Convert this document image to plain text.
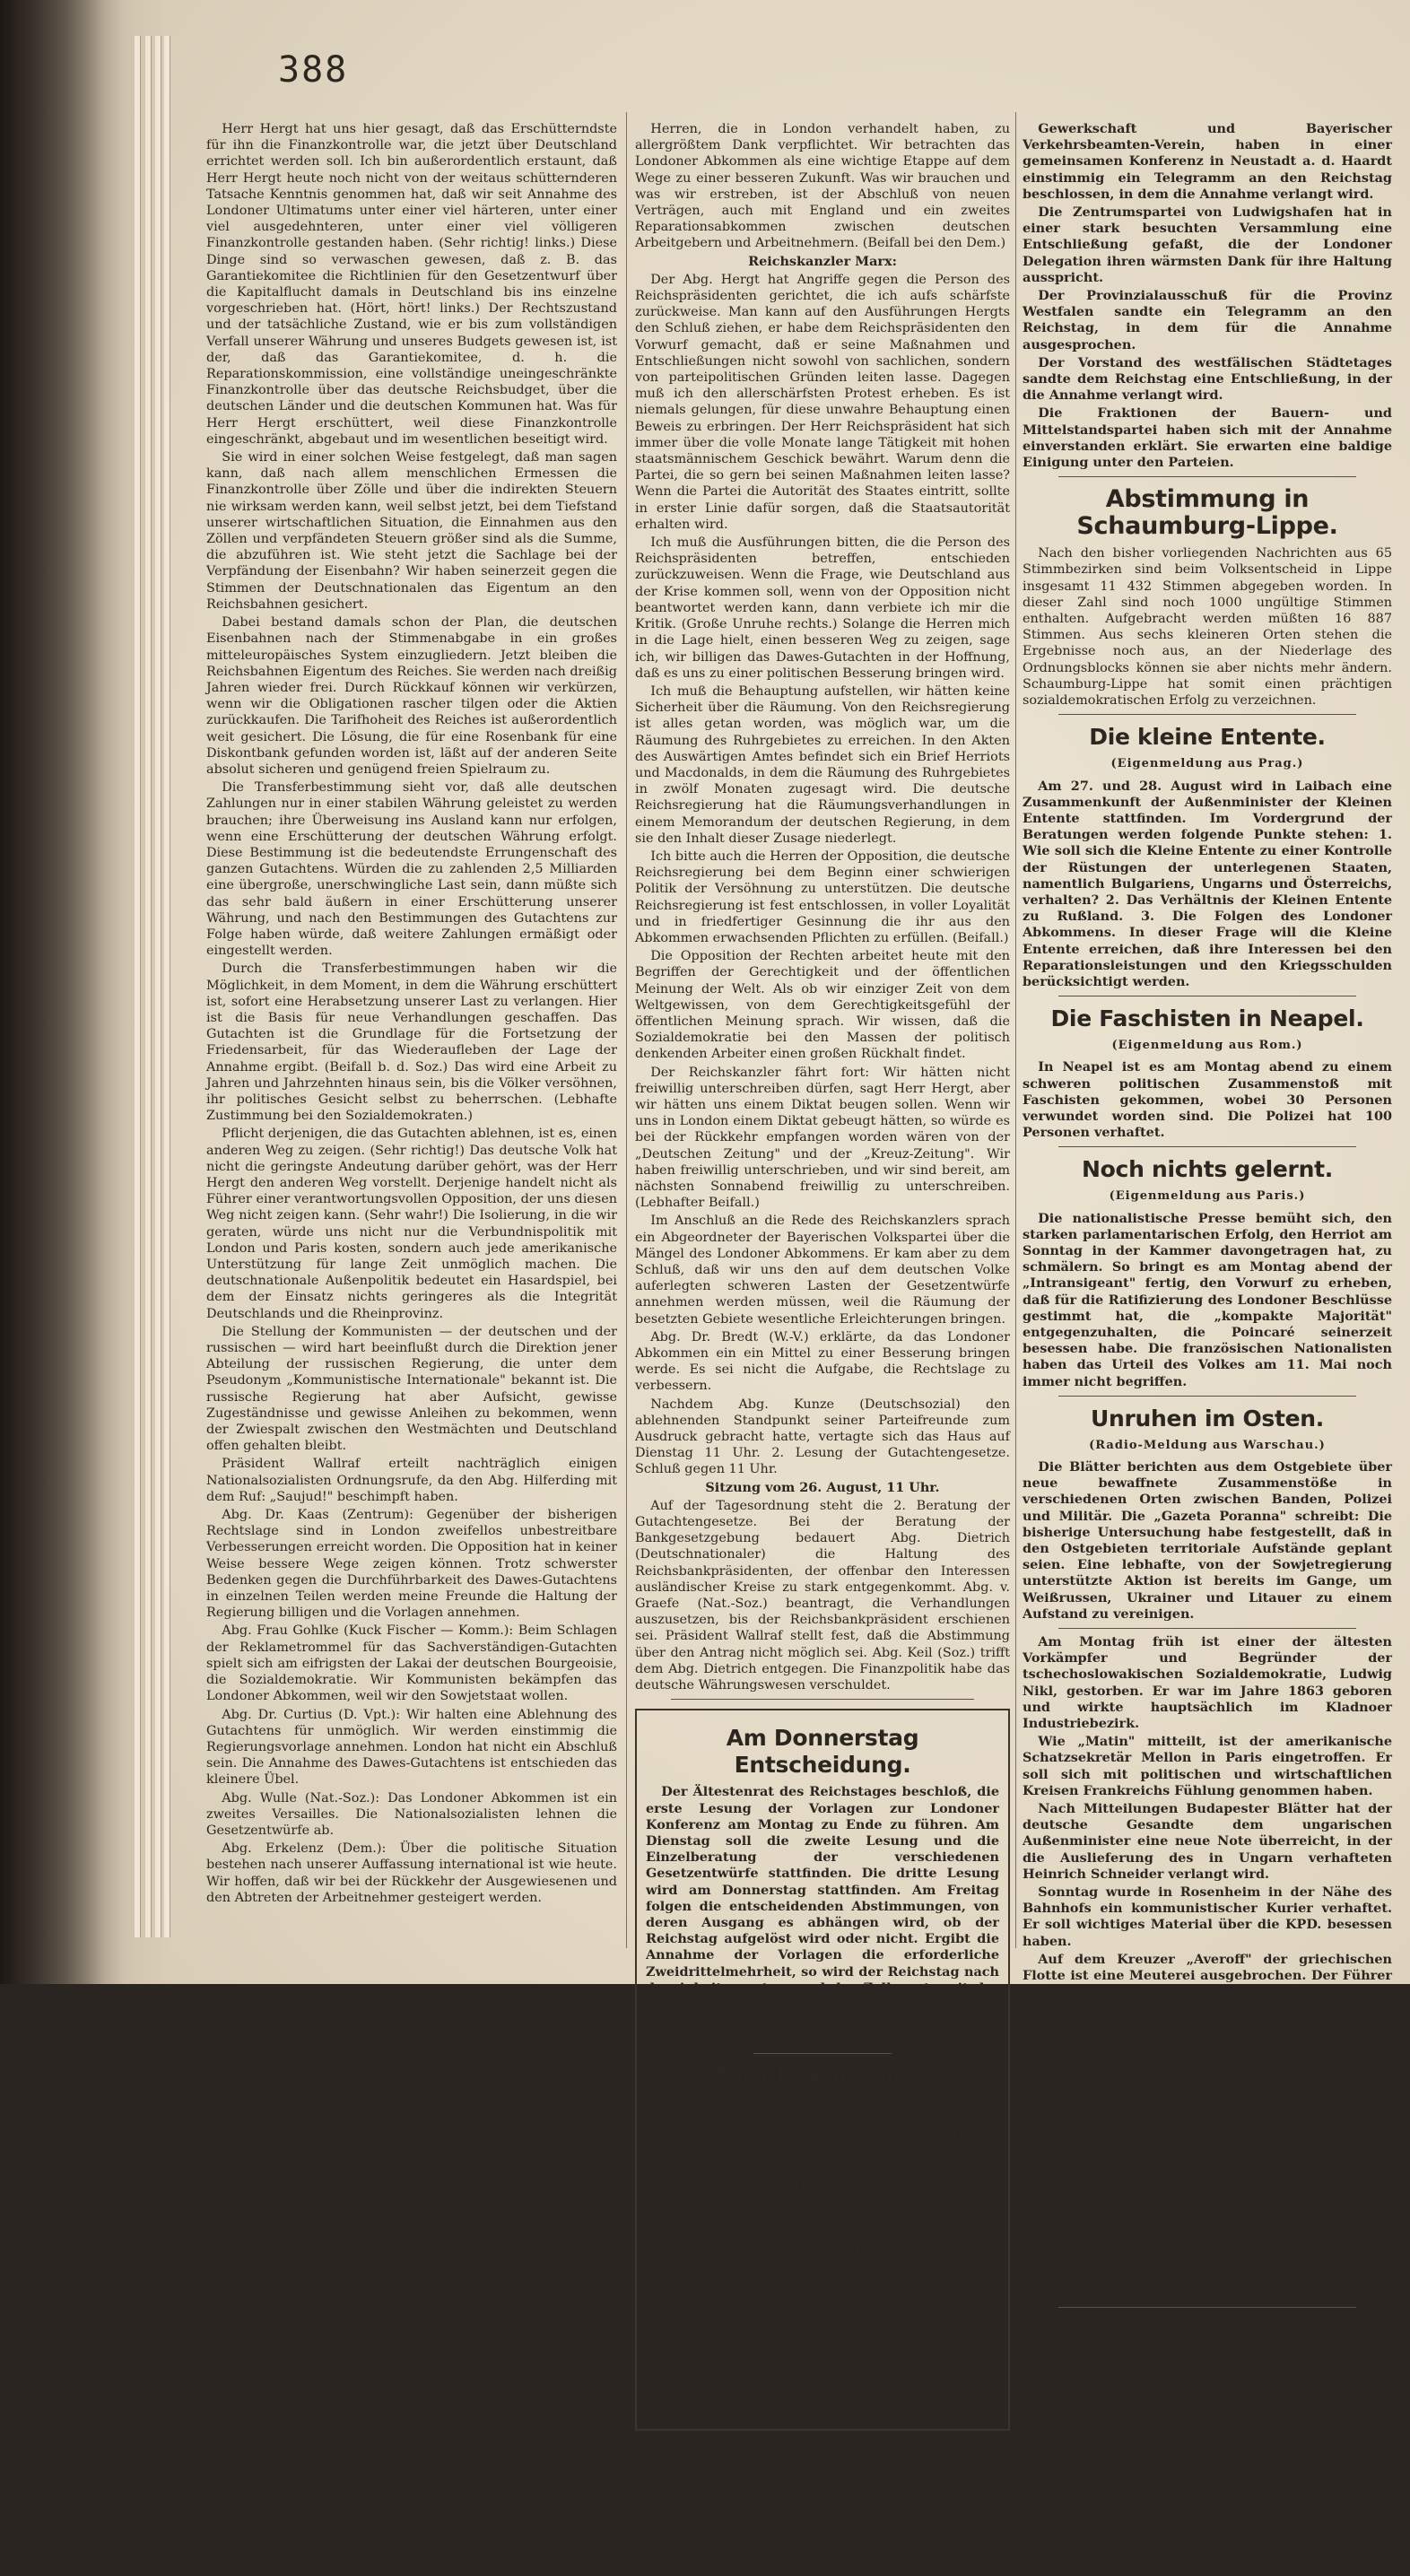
388

Herr Hergt hat uns hier gesagt, daß das Erschütterndste für ihn die Finanzkontrolle war, die jetzt über Deutschland errichtet werden soll. Ich bin außerordentlich erstaunt, daß Herr Hergt heute noch nicht von der weitaus schütternderen Tatsache Kenntnis genommen hat, daß wir seit Annahme des Londoner Ultimatums unter einer viel härteren, unter einer viel ausgedehnteren, unter einer viel völligeren Finanzkontrolle gestanden haben. (Sehr richtig! links.) Diese Dinge sind so verwaschen gewesen, daß z. B. das Garantiekomitee die Richtlinien für den Gesetzentwurf über die Kapitalflucht damals in Deutschland bis ins einzelne vorgeschrieben hat. (Hört, hört! links.) Der Rechtszustand und der tatsächliche Zustand, wie er bis zum vollständigen Verfall unserer Währung und unseres Budgets gewesen ist, ist der, daß das Garantiekomitee, d. h. die Reparationskommission, eine vollständige uneingeschränkte Finanzkontrolle über das deutsche Reichsbudget, über die deutschen Länder und die deutschen Kommunen hat. Was für Herr Hergt erschüttert, weil diese Finanzkontrolle eingeschränkt, abgebaut und im wesentlichen beseitigt wird.

Sie wird in einer solchen Weise festgelegt, daß man sagen kann, daß nach allem menschlichen Ermessen die Finanzkontrolle über Zölle und über die indirekten Steuern nie wirksam werden kann, weil selbst jetzt, bei dem Tiefstand unserer wirtschaftlichen Situation, die Einnahmen aus den Zöllen und verpfändeten Steuern größer sind als die Summe, die abzuführen ist. Wie steht jetzt die Sachlage bei der Verpfändung der Eisenbahn? Wir haben seinerzeit gegen die Stimmen der Deutschnationalen das Eigentum an den Reichsbahnen gesichert.

Dabei bestand damals schon der Plan, die deutschen Eisenbahnen nach der Stimmenabgabe in ein großes mitteleuropäisches System einzugliedern. Jetzt bleiben die Reichsbahnen Eigentum des Reiches. Sie werden nach dreißig Jahren wieder frei. Durch Rückkauf können wir verkürzen, wenn wir die Obligationen rascher tilgen oder die Aktien zurückkaufen. Die Tarifhoheit des Reiches ist außerordentlich weit gesichert. Die Lösung, die für eine Rosenbank für eine Diskontbank gefunden worden ist, läßt auf der anderen Seite absolut sicheren und genügend freien Spielraum zu.

Die Transferbestimmung sieht vor, daß alle deutschen Zahlungen nur in einer stabilen Währung geleistet zu werden brauchen; ihre Überweisung ins Ausland kann nur erfolgen, wenn eine Erschütterung der deutschen Währung erfolgt. Diese Bestimmung ist die bedeutendste Errungenschaft des ganzen Gutachtens. Würden die zu zahlenden 2,5 Milliarden eine übergroße, unerschwingliche Last sein, dann müßte sich das sehr bald äußern in einer Erschütterung unserer Währung, und nach den Bestimmungen des Gutachtens zur Folge haben würde, daß weitere Zahlungen ermäßigt oder eingestellt werden.

Durch die Transferbestimmungen haben wir die Möglichkeit, in dem Moment, in dem die Währung erschüttert ist, sofort eine Herabsetzung unserer Last zu verlangen. Hier ist die Basis für neue Verhandlungen geschaffen. Das Gutachten ist die Grundlage für die Fortsetzung der Friedensarbeit, für das Wiederaufleben der Lage der Annahme ergibt. (Beifall b. d. Soz.) Das wird eine Arbeit zu Jahren und Jahrzehnten hinaus sein, bis die Völker versöhnen, ihr politisches Gesicht selbst zu beherrschen. (Lebhafte Zustimmung bei den Sozialdemokraten.)

Pflicht derjenigen, die das Gutachten ablehnen, ist es, einen anderen Weg zu zeigen. (Sehr richtig!) Das deutsche Volk hat nicht die geringste Andeutung darüber gehört, was der Herr Hergt den anderen Weg vorstellt. Derjenige handelt nicht als Führer einer verantwortungsvollen Opposition, der uns diesen Weg nicht zeigen kann. (Sehr wahr!) Die Isolierung, in die wir geraten, würde uns nicht nur die Verbundnispolitik mit London und Paris kosten, sondern auch jede amerikanische Unterstützung für lange Zeit unmöglich machen. Die deutschnationale Außenpolitik bedeutet ein Hasardspiel, bei dem der Einsatz nichts geringeres als die Integrität Deutschlands und die Rheinprovinz.

Die Stellung der Kommunisten — der deutschen und der russischen — wird hart beeinflußt durch die Direktion jener Abteilung der russischen Regierung, die unter dem Pseudonym „Kommunistische Internationale" bekannt ist. Die russische Regierung hat aber Aufsicht, gewisse Zugeständnisse und gewisse Anleihen zu bekommen, wenn der Zwiespalt zwischen den Westmächten und Deutschland offen gehalten bleibt.

Präsident Wallraf erteilt nachträglich einigen Nationalsozialisten Ordnungsrufe, da den Abg. Hilferding mit dem Ruf: „Saujud!" beschimpft haben.

Abg. Dr. Kaas (Zentrum): Gegenüber der bisherigen Rechtslage sind in London zweifellos unbestreitbare Verbesserungen erreicht worden. Die Opposition hat in keiner Weise bessere Wege zeigen können. Trotz schwerster Bedenken gegen die Durchführbarkeit des Dawes-Gutachtens in einzelnen Teilen werden meine Freunde die Haltung der Regierung billigen und die Vorlagen annehmen.

Abg. Frau Gohlke (Kuck Fischer — Komm.): Beim Schlagen der Reklametrommel für das Sachverständigen-Gutachten spielt sich am eifrigsten der Lakai der deutschen Bourgeoisie, die Sozialdemokratie. Wir Kommunisten bekämpfen das Londoner Abkommen, weil wir den Sowjetstaat wollen.

Abg. Dr. Curtius (D. Vpt.): Wir halten eine Ablehnung des Gutachtens für unmöglich. Wir werden einstimmig die Regierungsvorlage annehmen. London hat nicht ein Abschluß sein. Die Annahme des Dawes-Gutachtens ist entschieden das kleinere Übel.

Abg. Wulle (Nat.-Soz.): Das Londoner Abkommen ist ein zweites Versailles. Die Nationalsozialisten lehnen die Gesetzentwürfe ab.

Abg. Erkelenz (Dem.): Über die politische Situation bestehen nach unserer Auffassung international ist wie heute. Wir hoffen, daß wir bei der Rückkehr der Ausgewiesenen und den Abtreten der Arbeitnehmer gesteigert werden.

Herren, die in London verhandelt haben, zu allergrößtem Dank verpflichtet. Wir betrachten das Londoner Abkommen als eine wichtige Etappe auf dem Wege zu einer besseren Zukunft. Was wir brauchen und was wir erstreben, ist der Abschluß von neuen Verträgen, auch mit England und ein zweites Reparationsabkommen zwischen deutschen Arbeitgebern und Arbeitnehmern. (Beifall bei den Dem.)

Reichskanzler Marx:

Der Abg. Hergt hat Angriffe gegen die Person des Reichspräsidenten gerichtet, die ich aufs schärfste zurückweise. Man kann auf den Ausführungen Hergts den Schluß ziehen, er habe dem Reichspräsidenten den Vorwurf gemacht, daß er seine Maßnahmen und Entschließungen nicht sowohl von sachlichen, sondern von parteipolitischen Gründen leiten lasse. Dagegen muß ich den allerschärfsten Protest erheben. Es ist niemals gelungen, für diese unwahre Behauptung einen Beweis zu erbringen. Der Herr Reichspräsident hat sich immer über die volle Monate lange Tätigkeit mit hohen staatsmännischem Geschick bewährt. Warum denn die Partei, die so gern bei seinen Maßnahmen leiten lasse? Wenn die Partei die Autorität des Staates eintritt, sollte in erster Linie dafür sorgen, daß die Staatsautorität erhalten wird.

Ich muß die Ausführungen bitten, die die Person des Reichspräsidenten betreffen, entschieden zurückzuweisen. Wenn die Frage, wie Deutschland aus der Krise kommen soll, wenn von der Opposition nicht beantwortet werden kann, dann verbiete ich mir die Kritik. (Große Unruhe rechts.) Solange die Herren mich in die Lage hielt, einen besseren Weg zu zeigen, sage ich, wir billigen das Dawes-Gutachten in der Hoffnung, daß es uns zu einer politischen Besserung bringen wird.

Ich muß die Behauptung aufstellen, wir hätten keine Sicherheit über die Räumung. Von den Reichsregierung ist alles getan worden, was möglich war, um die Räumung des Ruhrgebietes zu erreichen. In den Akten des Auswärtigen Amtes befindet sich ein Brief Herriots und Macdonalds, in dem die Räumung des Ruhrgebietes in zwölf Monaten zugesagt wird. Die deutsche Reichsregierung hat die Räumungsverhandlungen in einem Memorandum der deutschen Regierung, in dem sie den Inhalt dieser Zusage niederlegt.

Ich bitte auch die Herren der Opposition, die deutsche Reichsregierung bei dem Beginn einer schwierigen Politik der Versöhnung zu unterstützen. Die deutsche Reichsregierung ist fest entschlossen, in voller Loyalität und in friedfertiger Gesinnung die ihr aus den Abkommen erwachsenden Pflichten zu erfüllen. (Beifall.)

Die Opposition der Rechten arbeitet heute mit den Begriffen der Gerechtigkeit und der öffentlichen Meinung der Welt. Als ob wir einziger Zeit von dem Weltgewissen, von dem Gerechtigkeitsgefühl der öffentlichen Meinung sprach. Wir wissen, daß die Sozialdemokratie bei den Massen der politisch denkenden Arbeiter einen großen Rückhalt findet.

Der Reichskanzler fährt fort: Wir hätten nicht freiwillig unterschreiben dürfen, sagt Herr Hergt, aber wir hätten uns einem Diktat beugen sollen. Wenn wir uns in London einem Diktat gebeugt hätten, so würde es bei der Rückkehr empfangen worden wären von der „Deutschen Zeitung" und der „Kreuz-Zeitung". Wir haben freiwillig unterschrieben, und wir sind bereit, am nächsten Sonnabend freiwillig zu unterschreiben. (Lebhafter Beifall.)

Im Anschluß an die Rede des Reichskanzlers sprach ein Abgeordneter der Bayerischen Volkspartei über die Mängel des Londoner Abkommens. Er kam aber zu dem Schluß, daß wir uns den auf dem deutschen Volke auferlegten schweren Lasten der Gesetzentwürfe annehmen werden müssen, weil die Räumung der besetzten Gebiete wesentliche Erleichterungen bringen.

Abg. Dr. Bredt (W.-V.) erklärte, da das Londoner Abkommen ein ein Mittel zu einer Besserung bringen werde. Es sei nicht die Aufgabe, die Rechtslage zu verbessern.

Nachdem Abg. Kunze (Deutschsozial) den ablehnenden Standpunkt seiner Parteifreunde zum Ausdruck gebracht hatte, vertagte sich das Haus auf Dienstag 11 Uhr. 2. Lesung der Gutachtengesetze. Schluß gegen 11 Uhr.

Sitzung vom 26. August, 11 Uhr.

Auf der Tagesordnung steht die 2. Beratung der Gutachtengesetze. Bei der Beratung der Bankgesetzgebung bedauert Abg. Dietrich (Deutschnationaler) die Haltung des Reichsbankpräsidenten, der offenbar den Interessen ausländischer Kreise zu stark entgegenkommt. Abg. v. Graefe (Nat.-Soz.) beantragt, die Verhandlungen auszusetzen, bis der Reichsbankpräsident erschienen sei. Präsident Wallraf stellt fest, daß die Abstimmung über den Antrag nicht möglich sei. Abg. Keil (Soz.) trifft dem Abg. Dietrich entgegen. Die Finanzpolitik habe das deutsche Währungswesen verschuldet.

Am Donnerstag Entscheidung.

Der Ältestenrat des Reichstages beschloß, die erste Lesung der Vorlagen zur Londoner Konferenz am Montag zu Ende zu führen. Am Dienstag soll die zweite Lesung und die Einzelberatung der verschiedenen Gesetzentwürfe stattfinden. Die dritte Lesung wird am Donnerstag stattfinden. Am Freitag folgen die entscheidenden Abstimmungen, von deren Ausgang es abhängen wird, ob der Reichstag aufgelöst wird oder nicht. Ergibt die Annahme der Vorlagen die erforderliche Zweidrittelmehrheit, so wird der Reichstag nach das Arbeitsgesetzes und das Zollgesetz mit der umfassenden verabschieden, verabschließen allerdings nur in erster Lesung, nach Angriff nehmen.

Für die Annahme.

Die Betriebsräte und die freigewerkschaftlichen Funktionäre des Wirtschaftsbezirks Mainz haben einstimmig eine Entschließung angenommen, in der die schleunige Annahme der Gesetze zu den Londoner Abmachungen im Interesse der Erwerbslosen und der Kurzarbeiter im besetzten Gebiet und im ganzen Reich gefordert wird. Der Kreisvorstand der Sozialdemokratischen Partei von Bochum und Gelsenkirchen richtete ein Telegramm an den Reichstag: „Die Sozialdemokratie fordert, daß die Parteien des Reichstages das Londoner Abkommen annehmen." Das Organ des „Verbandes der Bergarbeiter Deutschlands", die „Bergarbeiter-Zeitung", spricht sich ebenfalls für die Annahme des Abkommens aus. Die vier Eisenbahnerorganisationen der Pfalz, Deutscher Eisenbahner-Verband, Bayerischer Eisenbahner-Verband, fordern die Annahme der Vorlagen.

Gewerkschaft und Bayerischer Verkehrsbeamten-Verein, haben in einer gemeinsamen Konferenz in Neustadt a. d. Haardt einstimmig ein Telegramm an den Reichstag beschlossen, in dem die Annahme verlangt wird.

Die Zentrumspartei von Ludwigshafen hat in einer stark besuchten Versammlung eine Entschließung gefaßt, die der Londoner Delegation ihren wärmsten Dank für ihre Haltung ausspricht.

Der Provinzialausschuß für die Provinz Westfalen sandte ein Telegramm an den Reichstag, in dem für die Annahme ausgesprochen.

Der Vorstand des westfälischen Städtetages sandte dem Reichstag eine Entschließung, in der die Annahme verlangt wird.

Die Fraktionen der Bauern- und Mittelstandspartei haben sich mit der Annahme einverstanden erklärt. Sie erwarten eine baldige Einigung unter den Parteien.

Abstimmung in Schaumburg-Lippe.

Nach den bisher vorliegenden Nachrichten aus 65 Stimmbezirken sind beim Volksentscheid in Lippe insgesamt 11 432 Stimmen abgegeben worden. In dieser Zahl sind noch 1000 ungültige Stimmen enthalten. Aufgebracht werden müßten 16 887 Stimmen. Aus sechs kleineren Orten stehen die Ergebnisse noch aus, an der Niederlage des Ordnungsblocks können sie aber nichts mehr ändern. Schaumburg-Lippe hat somit einen prächtigen sozialdemokratischen Erfolg zu verzeichnen.

Die kleine Entente.
(Eigenmeldung aus Prag.)

Am 27. und 28. August wird in Laibach eine Zusammenkunft der Außenminister der Kleinen Entente stattfinden. Im Vordergrund der Beratungen werden folgende Punkte stehen: 1. Wie soll sich die Kleine Entente zu einer Kontrolle der Rüstungen der unterlegenen Staaten, namentlich Bulgariens, Ungarns und Österreichs, verhalten? 2. Das Verhältnis der Kleinen Entente zu Rußland. 3. Die Folgen des Londoner Abkommens. In dieser Frage will die Kleine Entente erreichen, daß ihre Interessen bei den Reparationsleistungen und den Kriegsschulden berücksichtigt werden.

Die Faschisten in Neapel.
(Eigenmeldung aus Rom.)

In Neapel ist es am Montag abend zu einem schweren politischen Zusammenstoß mit Faschisten gekommen, wobei 30 Personen verwundet worden sind. Die Polizei hat 100 Personen verhaftet.

Noch nichts gelernt.
(Eigenmeldung aus Paris.)

Die nationalistische Presse bemüht sich, den starken parlamentarischen Erfolg, den Herriot am Sonntag in der Kammer davongetragen hat, zu schmälern. So bringt es am Montag abend der „Intransigeant" fertig, den Vorwurf zu erheben, daß für die Ratifizierung des Londoner Beschlüsse gestimmt hat, die „kompakte Majorität" entgegenzuhalten, die Poincaré seinerzeit besessen habe. Die französischen Nationalisten haben das Urteil des Volkes am 11. Mai noch immer nicht begriffen.

Unruhen im Osten.
(Radio-Meldung aus Warschau.)

Die Blätter berichten aus dem Ostgebiete über neue bewaffnete Zusammenstöße in verschiedenen Orten zwischen Banden, Polizei und Militär. Die „Gazeta Poranna" schreibt: Die bisherige Untersuchung habe festgestellt, daß in den Ostgebieten territoriale Aufstände geplant seien. Eine lebhafte, von der Sowjetregierung unterstützte Aktion ist bereits im Gange, um Weißrussen, Ukrainer und Litauer zu einem Aufstand zu vereinigen.

Am Montag früh ist einer der ältesten Vorkämpfer und Begründer der tschechoslowakischen Sozialdemokratie, Ludwig Nikl, gestorben. Er war im Jahre 1863 geboren und wirkte hauptsächlich im Kladnoer Industriebezirk.

Wie „Matin" mitteilt, ist der amerikanische Schatzsekretär Mellon in Paris eingetroffen. Er soll sich mit politischen und wirtschaftlichen Kreisen Frankreichs Fühlung genommen haben.

Nach Mitteilungen Budapester Blätter hat der deutsche Gesandte dem ungarischen Außenminister eine neue Note überreicht, in der die Auslieferung des in Ungarn verhafteten Heinrich Schneider verlangt wird.

Sonntag wurde in Rosenheim in der Nähe des Bahnhofs ein kommunistischer Kurier verhaftet. Er soll wichtiges Material über die KPD. besessen haben.

Auf dem Kreuzer „Averoff" der griechischen Flotte ist eine Meuterei ausgebrochen. Der Führer dieser Bewegung ist der Kapitän Kollatsis, der gegen die Regierung einen Putsch geplant hat.

Eine neuere Meldung besagt: Nachdem der Kommandant des Schlachtschiffes „Averoff", Kapitän Kollatsis, sich für die Regierung erklärt hat, ist die Meuterei beigelegt worden.

In Narbonne, einem der Zentren des französischen Weinbaues, sind die Winzer in den Streik getreten, um den Abschluß eines Arbeitsvertrages zu erzwingen.

„Messaggero" berichtet, daß an der Südküste von Grönland mit seinem Geschwader vom Kreuzer „Richmond" ausgelaufen sein Flieger Locatelli gegen 3 Tage und Nächte auf den Wellen getrieben. Das Flugzeug ist vollständig zerstört.

Beim vorgestrigen Wettlauf über 100 Meter im Charlottenburger Stadion siegte der bekannte Sprinter Houben-Krefeld in 10,6 Sekunden gegen Carr-Australien und Porritt-Neuseeland.

Flugzeug abgestürzt.

Aus Wittenberg wird gemeldet: Das Flugzeug „D 149" der Aero-Lloyd-Aktien-Gesellschaft ist gestern nachmittag auf der Fahrt von Berlin nach Halle in der Nähe von Wittenberg abgestürzt. Der Führer des Flugzeuges wurde schwer verletzt in das Wittenberger Krankenhaus gebracht; die Passagiere kamen mit leichten Verletzungen davon.

Drei Personen durch eine Windhose getötet.

Aus Neuyork wird gemeldet: Durch eine Windhose ist die Kirche von Saint Patrick in Indiana eingestürzt, in die sich beim Herannahen des Sturmes gegen 100 Einwohner geflüchtet hatten. 10 Personen wurden verletzt, drei sind getötet.
